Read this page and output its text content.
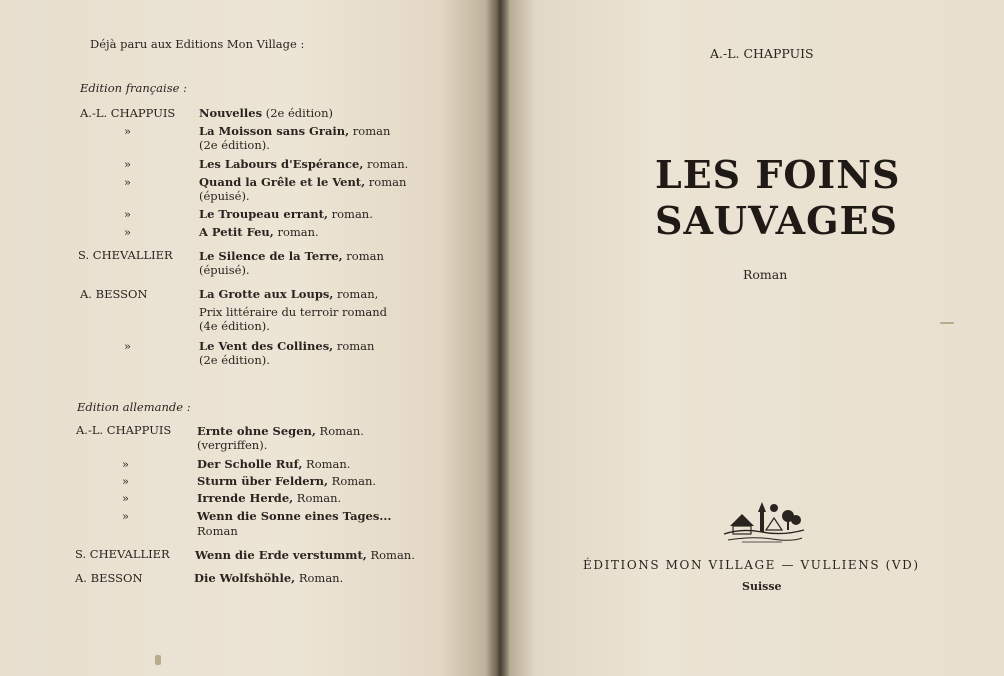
Déjà paru aux Editions Mon Village :
Edition française :
A.-L. CHAPPUIS Nouvelles (2e édition)
»	La Moisson sans Grain, roman
(2e édition).
»	Les Labours d'Espérance, roman.
»	Quand la Grêle et le Vent, roman
(épuisé).
»	Le Troupeau errant, roman.
»	A Petit Feu, roman.
S. CHEVALLIER Le Silence de la Terre, roman
(épuisé).
A. BESSON	La Grotte aux Loups, roman,
Prix littéraire du terroir romand
(4e édition).
»	Le Vent des Collines, roman
(2e édition).
Edition allemande :
A.-L. CHAPPUIS Ernte ohne Segen, Roman.
(vergriffen).
»	Der Scholle Ruf, Roman.
»	Sturm über Feldern, Roman.
»	Irrende Herde, Roman.
»	Wenn die Sonne eines Tages...
Roman
S. CHEVALLIER Wenn die Erde verstummt, Roman.
A. BESSON	Die Wolfshöhle, Roman.
A.-L. CHAPPUIS
LES FOINS
SAUVAGES
Roman
ÉDITIONS MON VILLAGE — VULLIENS (VD)
Suisse
